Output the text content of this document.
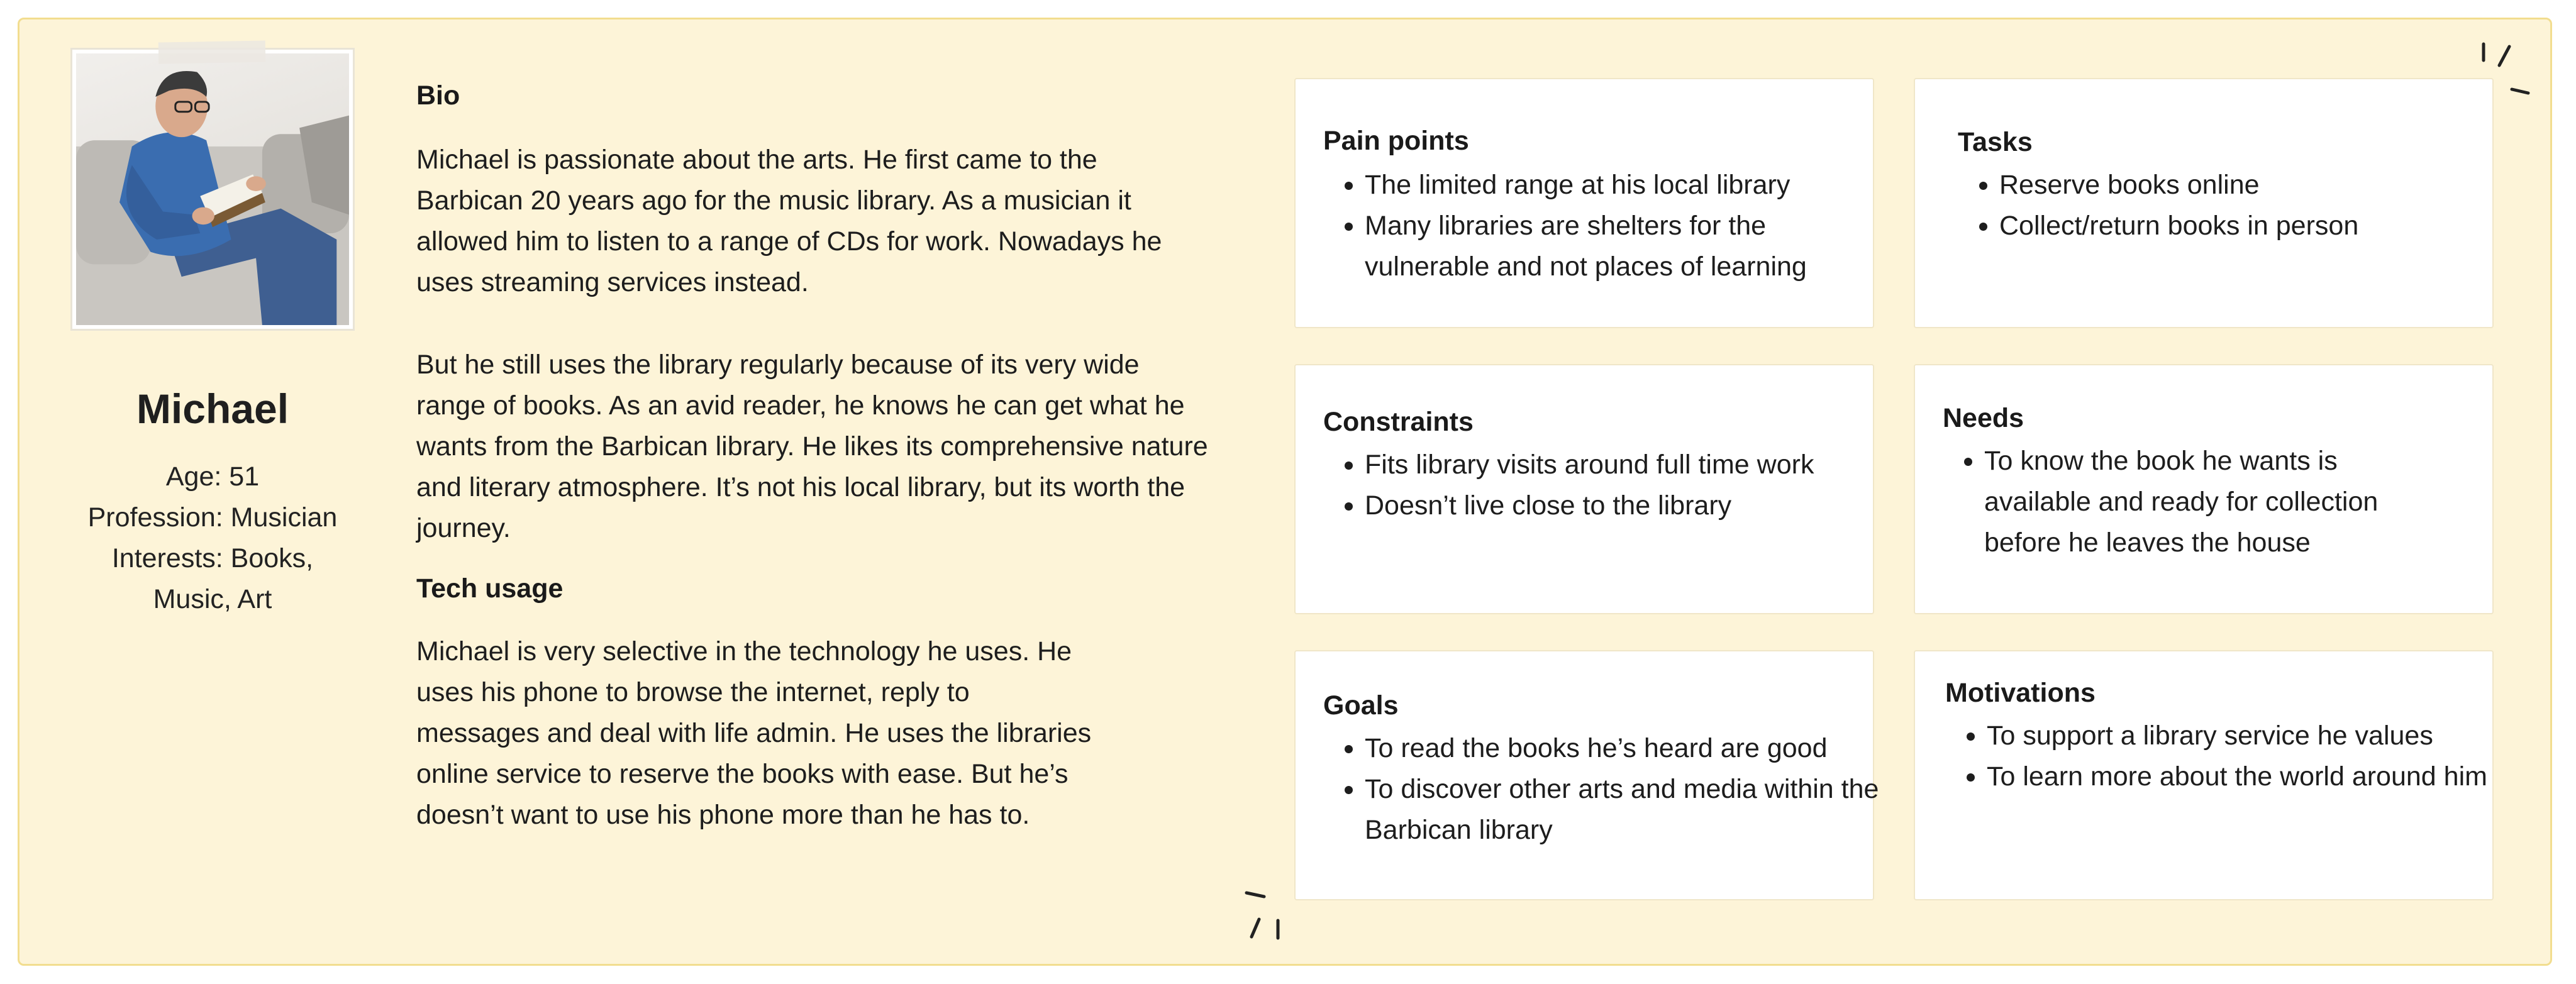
Michael
Age: 51
Profession: Musician
Interests: Books,
Music, Art
Bio
Michael is passionate about the arts. He first came to the
Barbican 20 years ago for the music library. As a musician it
allowed him to listen to a range of CDs for work. Nowadays he
uses streaming services instead.
But he still uses the library regularly because of its very wide
range of books. As an avid reader, he knows he can get what he
wants from the Barbican library. He likes its comprehensive nature
and literary atmosphere. It’s not his local library, but its worth the
journey.
Tech usage
Michael is very selective in the technology he uses. He
uses his phone to browse the internet, reply to
messages and deal with life admin. He uses the libraries
online service to reserve the books with ease. But he’s
doesn’t want to use his phone more than he has to.
Pain points
• The limited range at his local library
• Many libraries are shelters for the vulnerable and not places of learning
Tasks
• Reserve books online
• Collect/return books in person
Constraints
• Fits library visits around full time work
• Doesn’t live close to the library
Needs
• To know the book he wants is available and ready for collection before he leaves the house
Goals
• To read the books he’s heard are good
• To discover other arts and media within the Barbican library
Motivations
• To support a library service he values
• To learn more about the world around him
